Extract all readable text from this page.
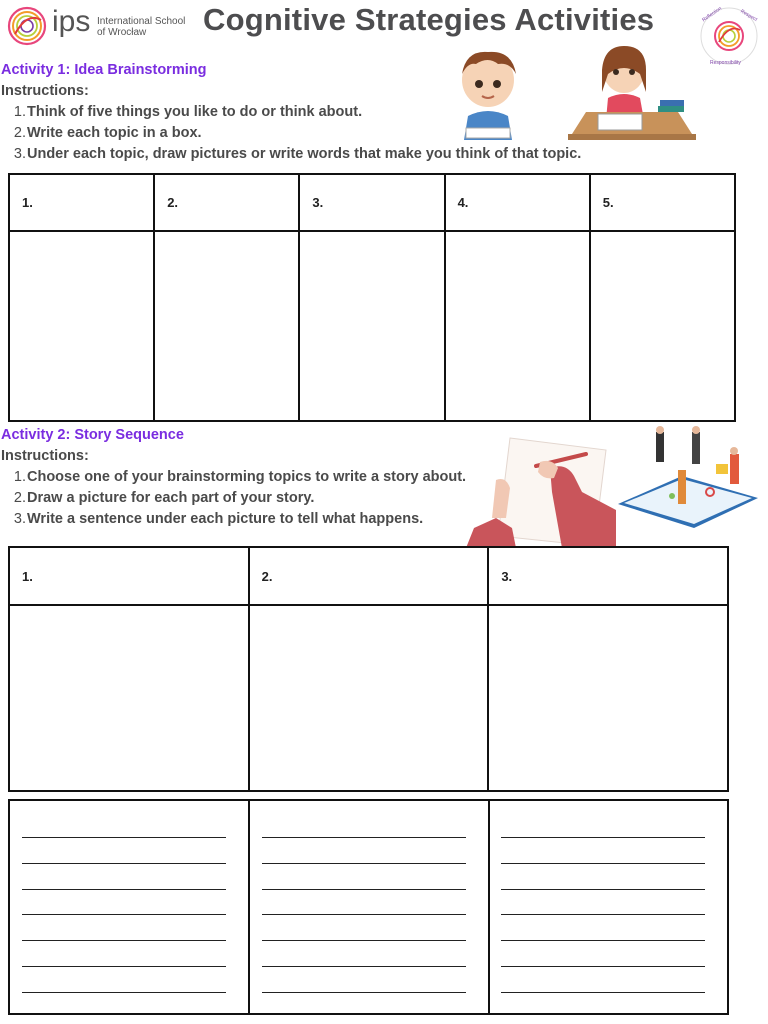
ips International School
of Wrocław	Cognitive Strategies Activities	Reflection	Respect
Responsibility
Activity 1: Idea Brainstorming
Instructions:
1.Think of five things you like to do or think about.
2.Write each topic in a box.
3.Under each topic, draw pictures or write words that make you think of that topic.
1.	2.	3.	4.	5.

Activity 2: Story Sequence
Instructions:
1.Choose one of your brainstorming topics to write a story about.
2.Draw a picture for each part of your story.
3.Write a sentence under each picture to tell what happens.
1.	2.	3.
